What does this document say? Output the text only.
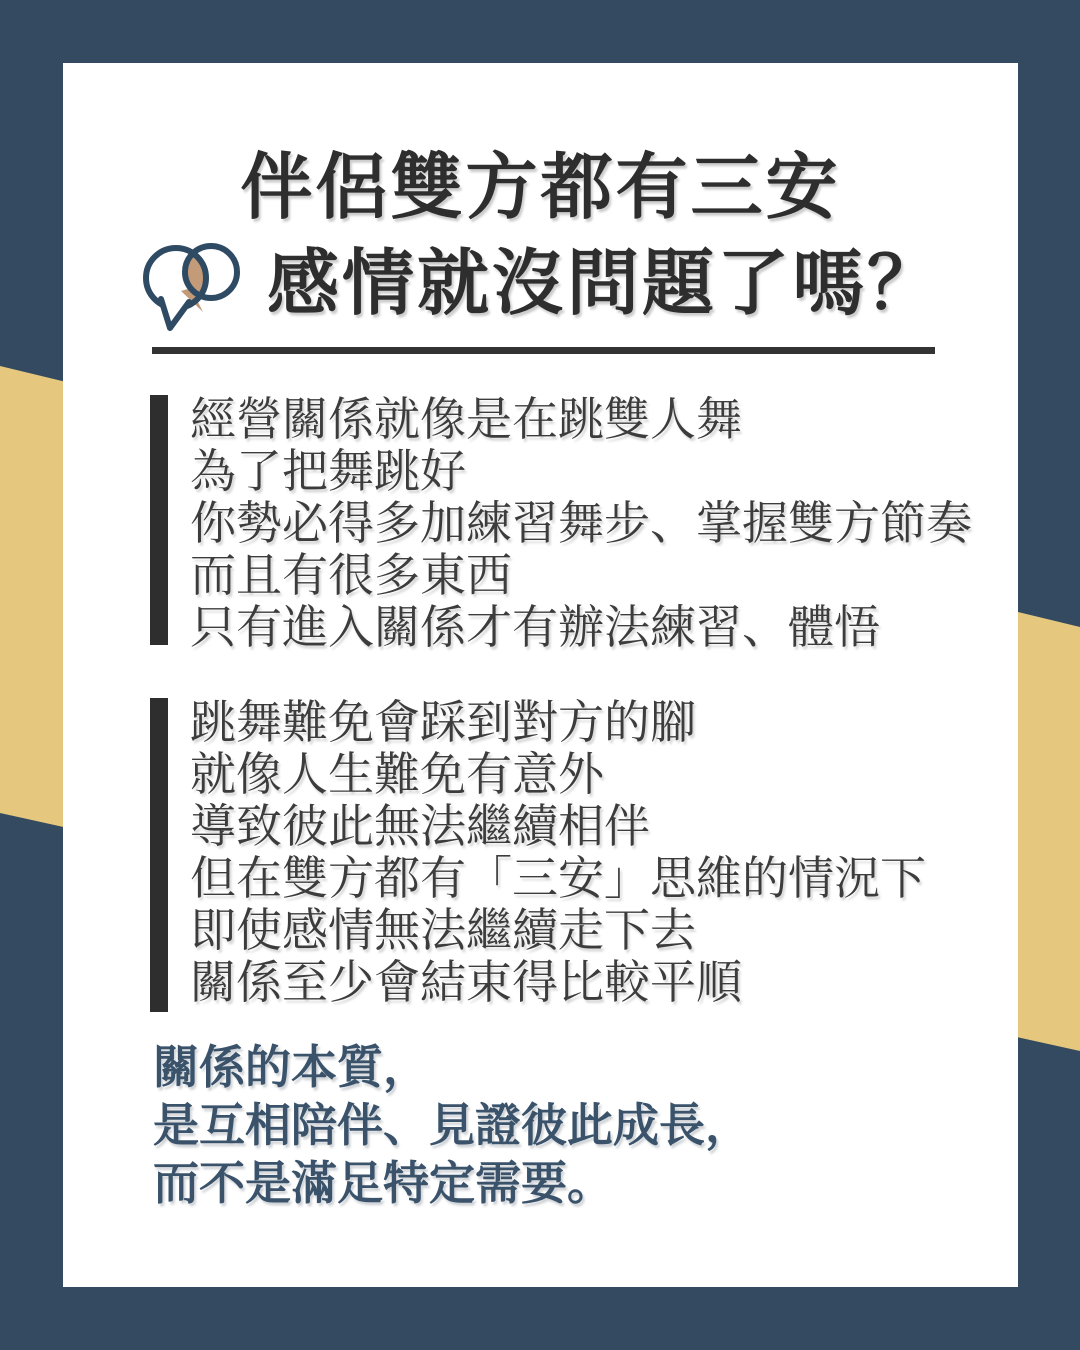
伴侶雙方都有三安
感情就沒問題了嗎？
經營關係就像是在跳雙人舞
為了把舞跳好
你勢必得多加練習舞步、掌握雙方節奏
而且有很多東西
只有進入關係才有辦法練習、體悟
跳舞難免會踩到對方的腳
就像人生難免有意外
導致彼此無法繼續相伴
但在雙方都有「三安」思維的情況下
即使感情無法繼續走下去
關係至少會結束得比較平順
關係的本質，
是互相陪伴、見證彼此成長，
而不是滿足特定需要。
